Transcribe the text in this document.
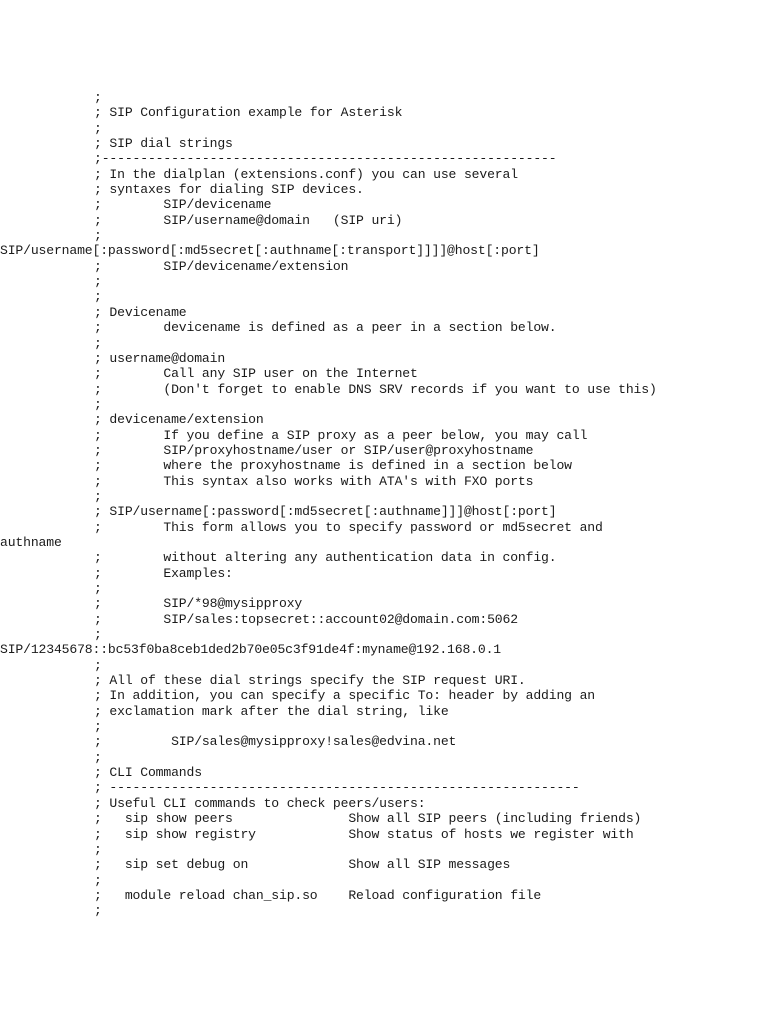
;
; SIP Configuration example for Asterisk
;
; SIP dial strings
;-----------------------------------------------------------
; In the dialplan (extensions.conf) you can use several
; syntaxes for dialing SIP devices.
;        SIP/devicename
;        SIP/username@domain   (SIP uri)
;
SIP/username[:password[:md5secret[:authname[:transport]]]]@host[:port]
;        SIP/devicename/extension
;
;
; Devicename
;        devicename is defined as a peer in a section below.
;
; username@domain
;        Call any SIP user on the Internet
;        (Don't forget to enable DNS SRV records if you want to use this)
;
; devicename/extension
;        If you define a SIP proxy as a peer below, you may call
;        SIP/proxyhostname/user or SIP/user@proxyhostname
;        where the proxyhostname is defined in a section below
;        This syntax also works with ATA's with FXO ports
;
; SIP/username[:password[:md5secret[:authname]]]@host[:port]
;        This form allows you to specify password or md5secret and
authname
;        without altering any authentication data in config.
;        Examples:
;
;        SIP/*98@mysipproxy
;        SIP/sales:topsecret::account02@domain.com:5062
;
SIP/12345678::bc53f0ba8ceb1ded2b70e05c3f91de4f:myname@192.168.0.1
;
; All of these dial strings specify the SIP request URI.
; In addition, you can specify a specific To: header by adding an
; exclamation mark after the dial string, like
;
;         SIP/sales@mysipproxy!sales@edvina.net
;
; CLI Commands
; -------------------------------------------------------------
; Useful CLI commands to check peers/users:
;   sip show peers               Show all SIP peers (including friends)
;   sip show registry            Show status of hosts we register with
;
;   sip set debug on             Show all SIP messages
;
;   module reload chan_sip.so    Reload configuration file
;
